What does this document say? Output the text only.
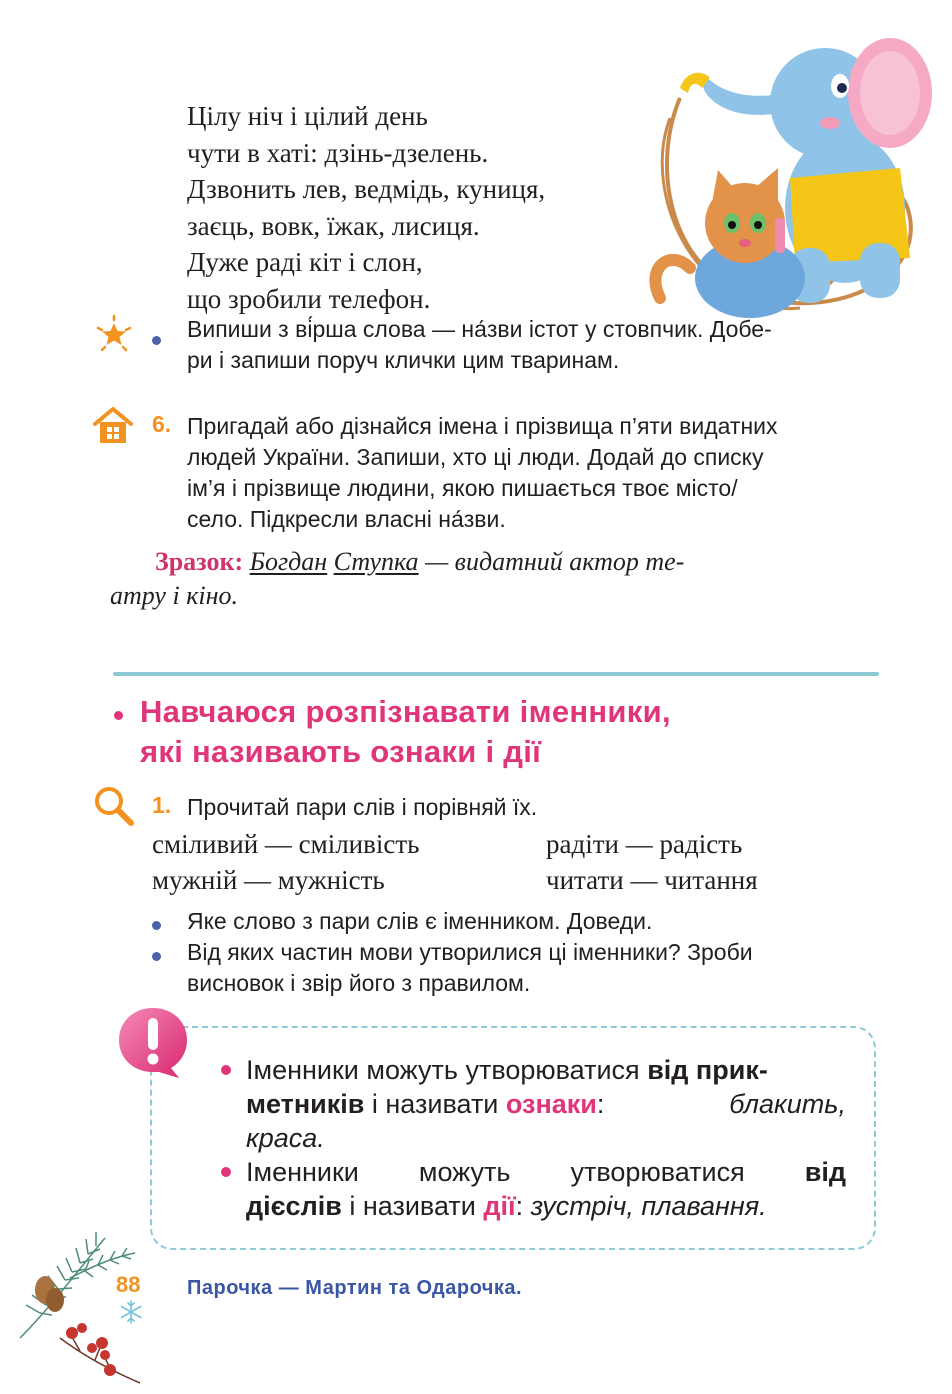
Цілу ніч і цілий день
чути в хаті: дзінь-дзелень.
Дзвонить лев, ведмідь, куниця,
заєць, вовк, їжак, лисиця.
Дуже раді кіт і слон,
що зробили телефон.
Випиши з ві́рша слова — на́зви істот у стовпчик. Добе-
ри і запиши поруч клички цим тваринам.
6. Пригадай або дізнайся імена і прізвища п’яти видатних
людей України. Запиши, хто ці люди. Додай до списку
ім’я і прізвище людини, якою пишається твоє місто/
село. Підкресли власні на́зви.
Зразок: Богдан Ступка — видатний актор те-
атру і кіно.
Навчаюся розпізнавати іменники,
які називають ознаки і дії
1. Прочитай пари слів і порівняй їх.
сміливий — сміливість
мужній — мужність
радіти — радість
читати — читання
Яке слово з пари слів є іменником. Доведи.
Від яких частин мови утворилися ці іменники? Зроби
висновок і звір його з правилом.
Іменники можуть утворюватися від прик-
метників і називати ознаки:	блакить,
краса.
Іменники можуть утворюватися від
дієслів і називати дії: зустріч, плавання.
88 Парочка — Мартин та Одарочка.
